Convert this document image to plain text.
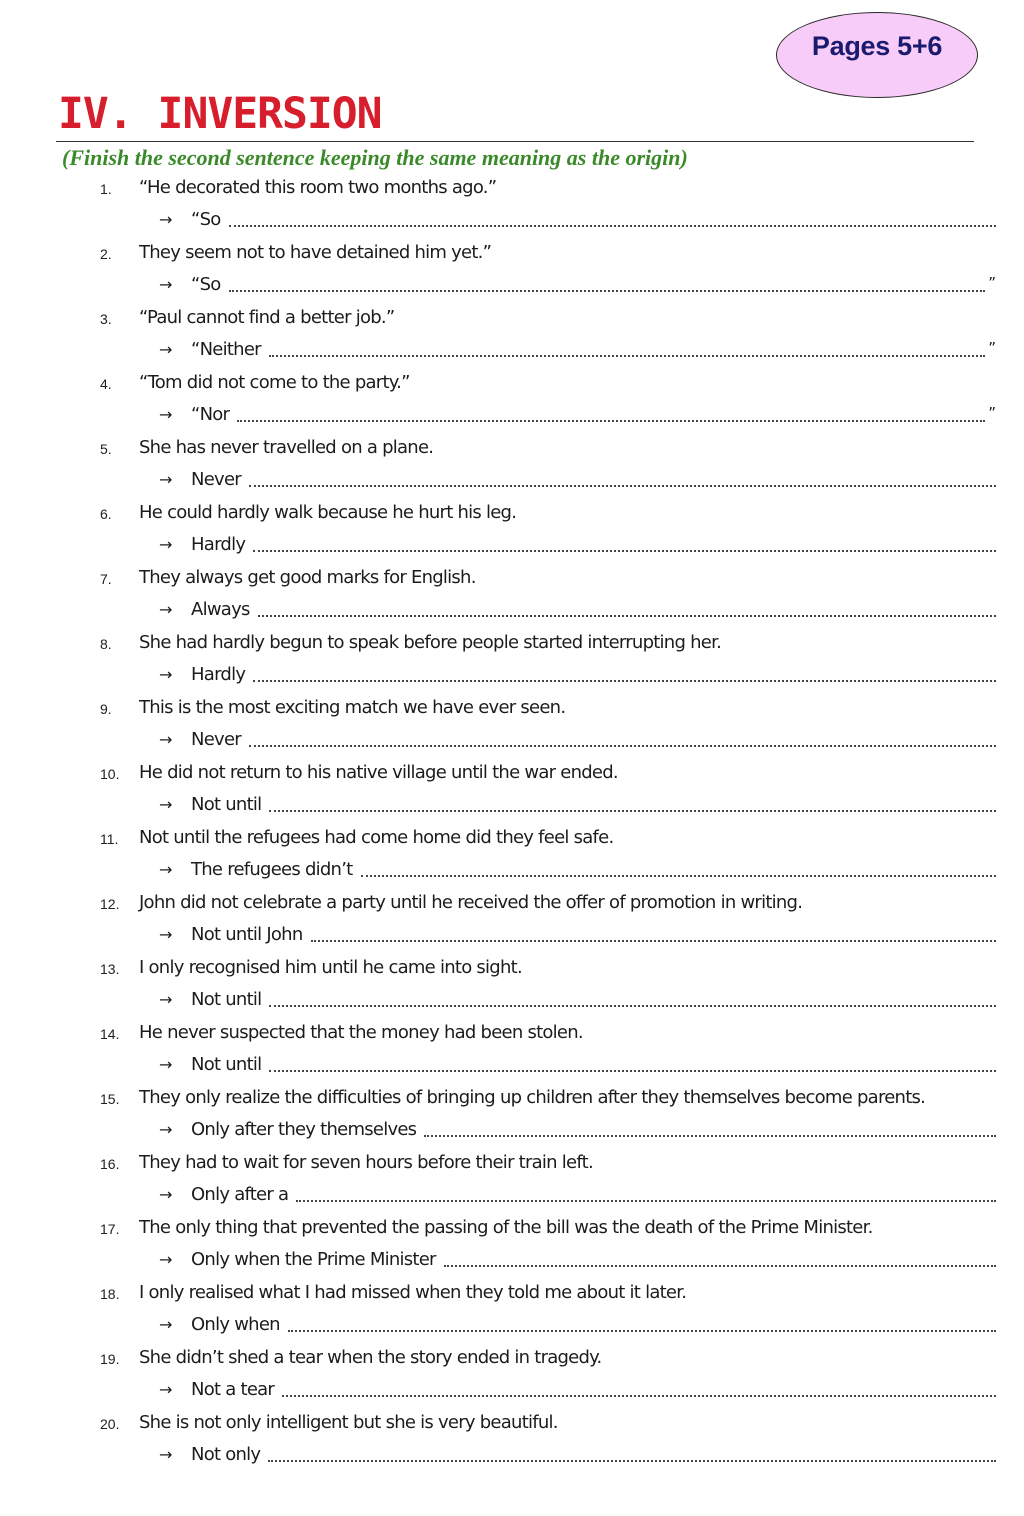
Pages 5+6
IV. INVERSION
(Finish the second sentence keeping the same meaning as the origin)
1.	“He decorated this room two months ago.”
→	“So
2.	They seem not to have detained him yet.”
→	“So	”
3.	“Paul cannot find a better job.”
→	“Neither	”
4.	“Tom did not come to the party.”
→	“Nor	”
5.	She has never travelled on a plane.
→	Never
6.	He could hardly walk because he hurt his leg.
→	Hardly
7.	They always get good marks for English.
→	Always
8.	She had hardly begun to speak before people started interrupting her.
→	Hardly
9.	This is the most exciting match we have ever seen.
→	Never
10.	He did not return to his native village until the war ended.
→	Not until
11.	Not until the refugees had come home did they feel safe.
→	The refugees didn’t
12.	John did not celebrate a party until he received the offer of promotion in writing.
→	Not until John
13.	I only recognised him until he came into sight.
→	Not until
14.	He never suspected that the money had been stolen.
→	Not until
15.	They only realize the difficulties of bringing up children after they themselves become parents.
→	Only after they themselves
16.	They had to wait for seven hours before their train left.
→	Only after a
17.	The only thing that prevented the passing of the bill was the death of the Prime Minister.
→	Only when the Prime Minister
18.	I only realised what I had missed when they told me about it later.
→	Only when
19.	She didn’t shed a tear when the story ended in tragedy.
→	Not a tear
20.	She is not only intelligent but she is very beautiful.
→	Not only
